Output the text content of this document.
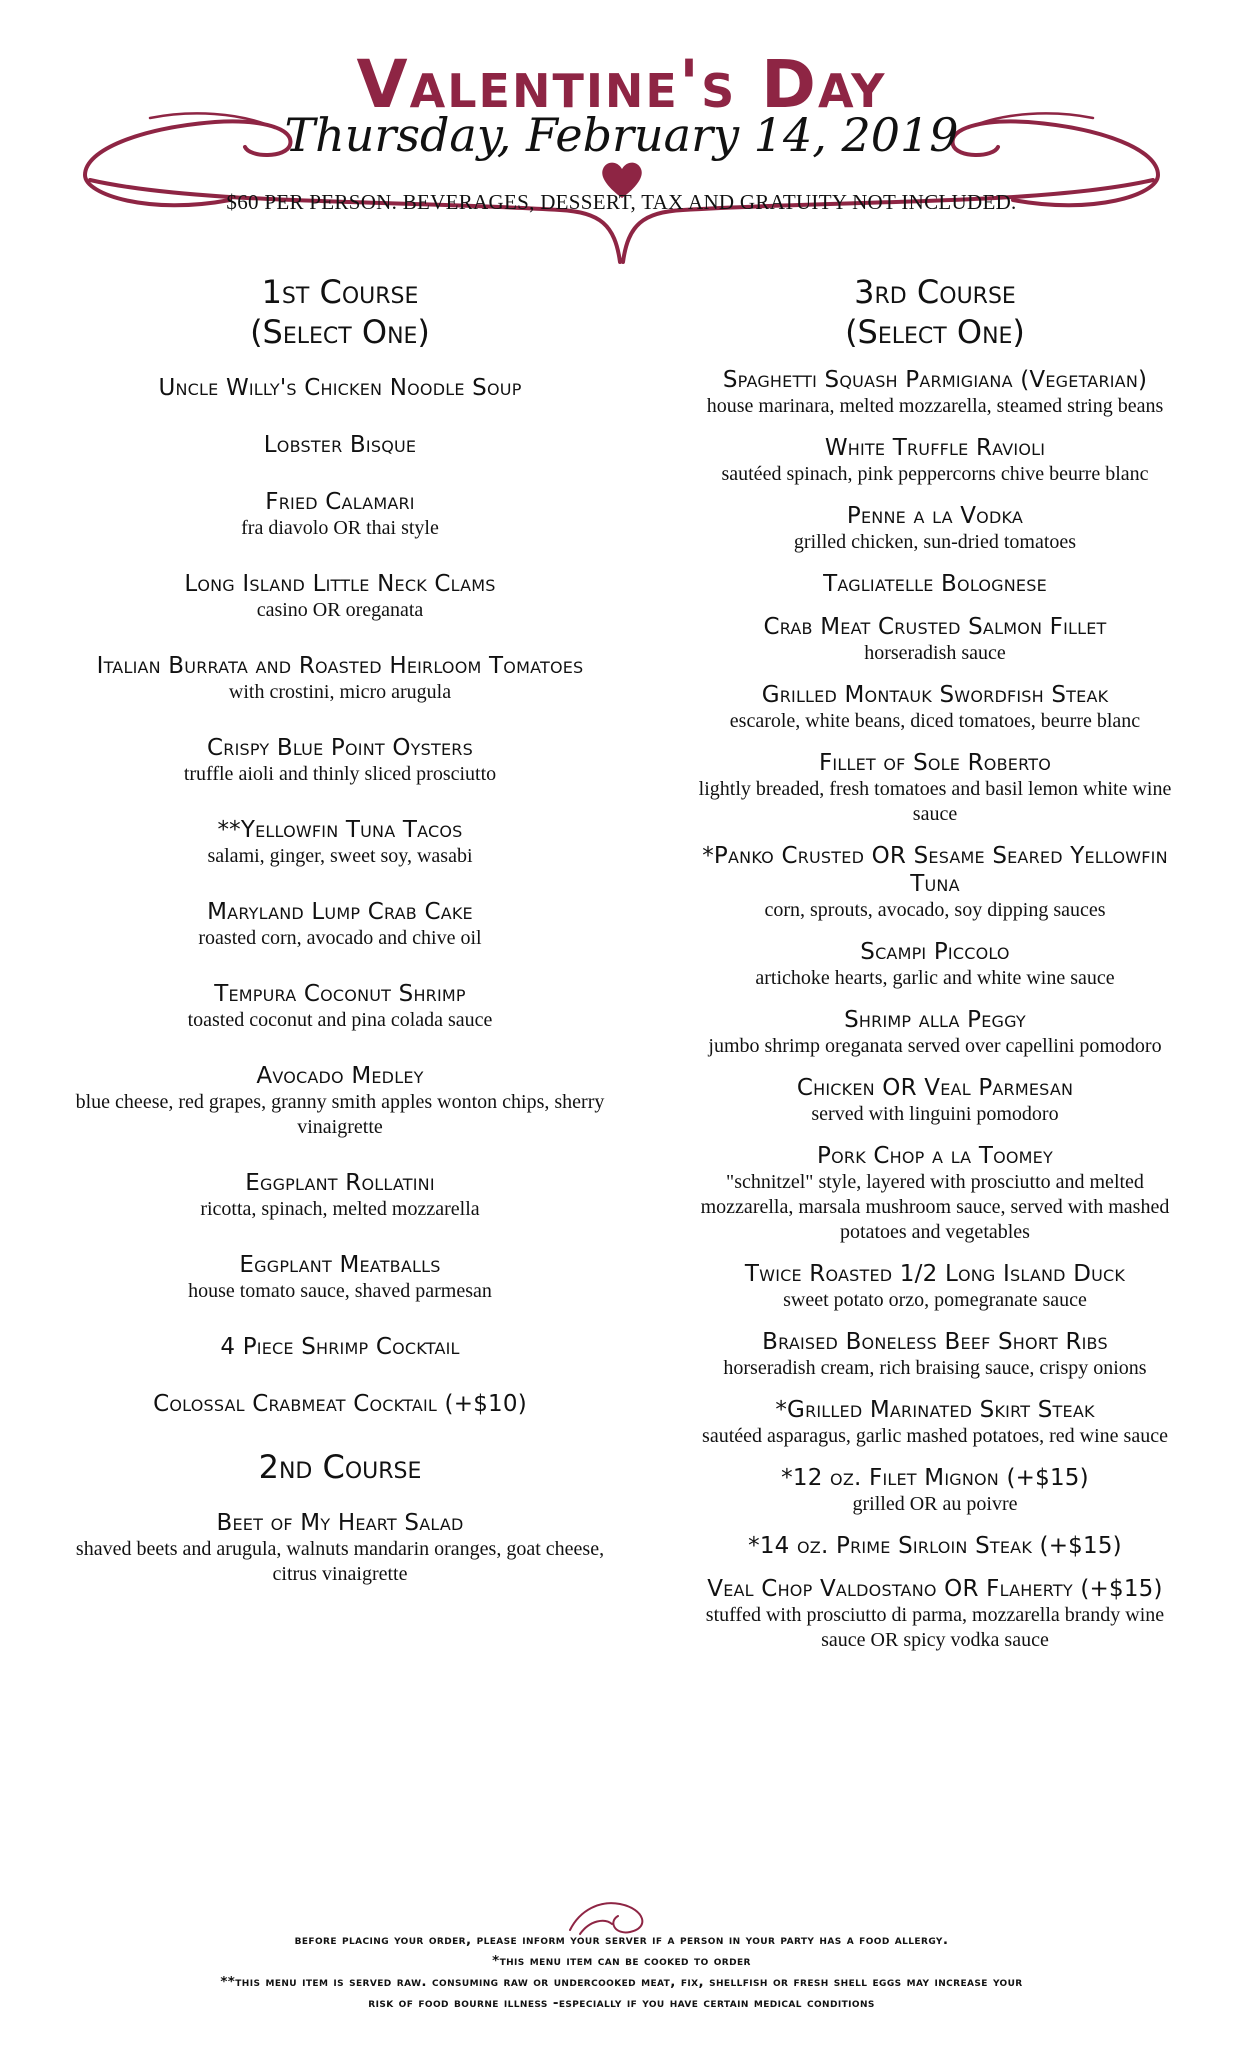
Valentine's Day
Thursday, February 14, 2019
$60 PER PERSON. BEVERAGES, DESSERT, TAX AND GRATUITY NOT INCLUDED.
1st Course
(Select One)
Uncle Willy's Chicken Noodle Soup
Lobster Bisque
Fried Calamari
fra diavolo OR thai style
Long Island Little Neck Clams
casino OR oreganata
Italian Burrata and Roasted Heirloom Tomatoes
with crostini, micro arugula
Crispy Blue Point Oysters
truffle aioli and thinly sliced prosciutto
**Yellowfin Tuna Tacos
salami, ginger, sweet soy, wasabi
Maryland Lump Crab Cake
roasted corn, avocado and chive oil
Tempura Coconut Shrimp
toasted coconut and pina colada sauce
Avocado Medley
blue cheese, red grapes, granny smith apples wonton chips, sherry vinaigrette
Eggplant Rollatini
ricotta, spinach, melted mozzarella
Eggplant Meatballs
house tomato sauce, shaved parmesan
4 Piece Shrimp Cocktail
Colossal Crabmeat Cocktail (+$10)
2nd Course
Beet of My Heart Salad
shaved beets and arugula, walnuts mandarin oranges, goat cheese, citrus vinaigrette
3rd Course
(Select One)
Spaghetti Squash Parmigiana (Vegetarian)
house marinara, melted mozzarella, steamed string beans
White Truffle Ravioli
sautéed spinach, pink peppercorns chive beurre blanc
Penne a la Vodka
grilled chicken, sun-dried tomatoes
Tagliatelle Bolognese
Crab Meat Crusted Salmon Fillet
horseradish sauce
Grilled Montauk Swordfish Steak
escarole, white beans, diced tomatoes, beurre blanc
Fillet of Sole Roberto
lightly breaded, fresh tomatoes and basil lemon white wine sauce
*Panko Crusted OR Sesame Seared Yellowfin Tuna
corn, sprouts, avocado, soy dipping sauces
Scampi Piccolo
artichoke hearts, garlic and white wine sauce
Shrimp alla Peggy
jumbo shrimp oreganata served over capellini pomodoro
Chicken OR Veal Parmesan
served with linguini pomodoro
Pork Chop a la Toomey
"schnitzel" style, layered with prosciutto and melted mozzarella, marsala mushroom sauce, served with mashed potatoes and vegetables
Twice Roasted 1/2 Long Island Duck
sweet potato orzo, pomegranate sauce
Braised Boneless Beef Short Ribs
horseradish cream, rich braising sauce, crispy onions
*Grilled Marinated Skirt Steak
sautéed asparagus, garlic mashed potatoes, red wine sauce
*12 oz. Filet Mignon (+$15)
grilled OR au poivre
*14 oz. Prime Sirloin Steak (+$15)
Veal Chop Valdostano OR Flaherty (+$15)
stuffed with prosciutto di parma, mozzarella brandy wine sauce OR spicy vodka sauce
before placing your order, please inform your server if a person in your party has a food allergy.
*this menu item can be cooked to order
**this menu item is served raw. consuming raw or undercooked meat, fix, shellfish or fresh shell eggs may increase your
risk of food bourne illness -especially if you have certain medical conditions
